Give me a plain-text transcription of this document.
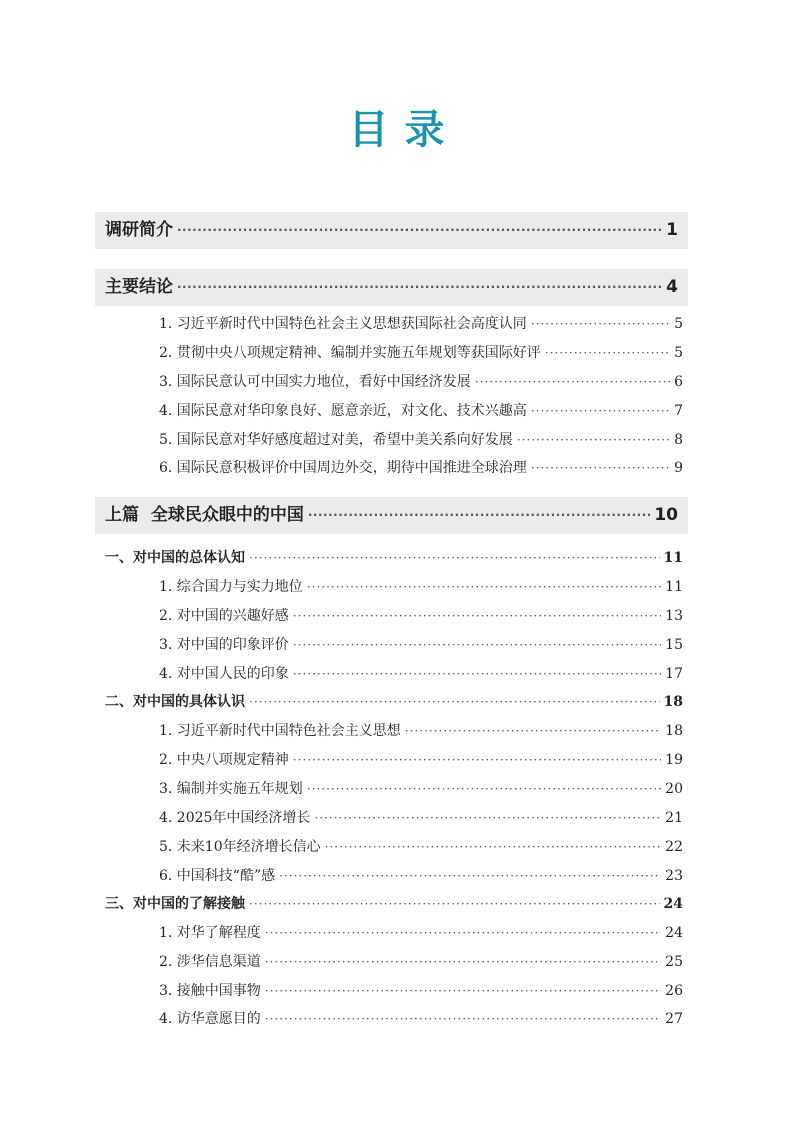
目录
调研简介 ·····	1
主要结论 ·····	4
1. 习近平新时代中国特色社会主义思想获国际社会高度认同 ·····	5
2. 贯彻中央八项规定精神、编制并实施五年规划等获国际好评 ·····	5
3. 国际民意认可中国实力地位，看好中国经济发展 ·····	6
4. 国际民意对华印象良好、愿意亲近，对文化、技术兴趣高 ·····	7
5. 国际民意对华好感度超过对美，希望中美关系向好发展 ·····	8
6. 国际民意积极评价中国周边外交，期待中国推进全球治理 ·····	9
上篇  全球民众眼中的中国 ·····	10
一、对中国的总体认知 ·····	11
1. 综合国力与实力地位 ·····	11
2. 对中国的兴趣好感 ·····	13
3. 对中国的印象评价 ·····	15
4. 对中国人民的印象 ·····	17
二、对中国的具体认识 ·····	18
1. 习近平新时代中国特色社会主义思想 ·····	18
2. 中央八项规定精神 ·····	19
3. 编制并实施五年规划 ·····	20
4. 2025年中国经济增长 ·····	21
5. 未来10年经济增长信心 ·····	22
6. 中国科技“酷”感 ·····	23
三、对中国的了解接触 ·····	24
1. 对华了解程度 ·····	24
2. 涉华信息渠道 ·····	25
3. 接触中国事物 ·····	26
4. 访华意愿目的 ·····	27
